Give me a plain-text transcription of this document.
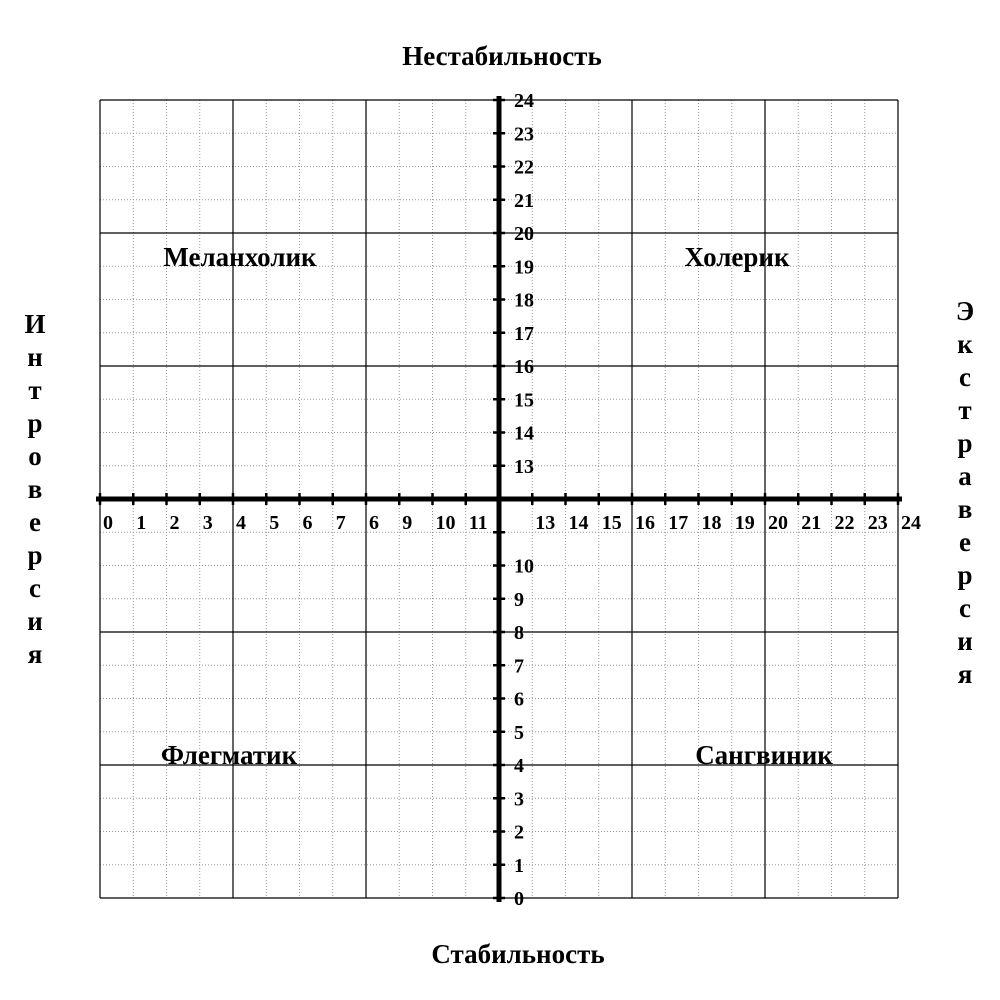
0 1 2 3 4 5 6 7 6 9 10 11 13 14 15 16 17 18 19 20 21 22 23 24
13
14
15
16
17
18
19
20
21
22
23
24
0
1
2
3
4
5
6
7
8
9
10
Нестабильность
Стабильность
И
н
т
р
о
в
е
р
с
и
я
Э
к
с
т
р
а
в
е
р
с
и
я
Меланхолик	Холерик
Флегматик	Сангвиник
